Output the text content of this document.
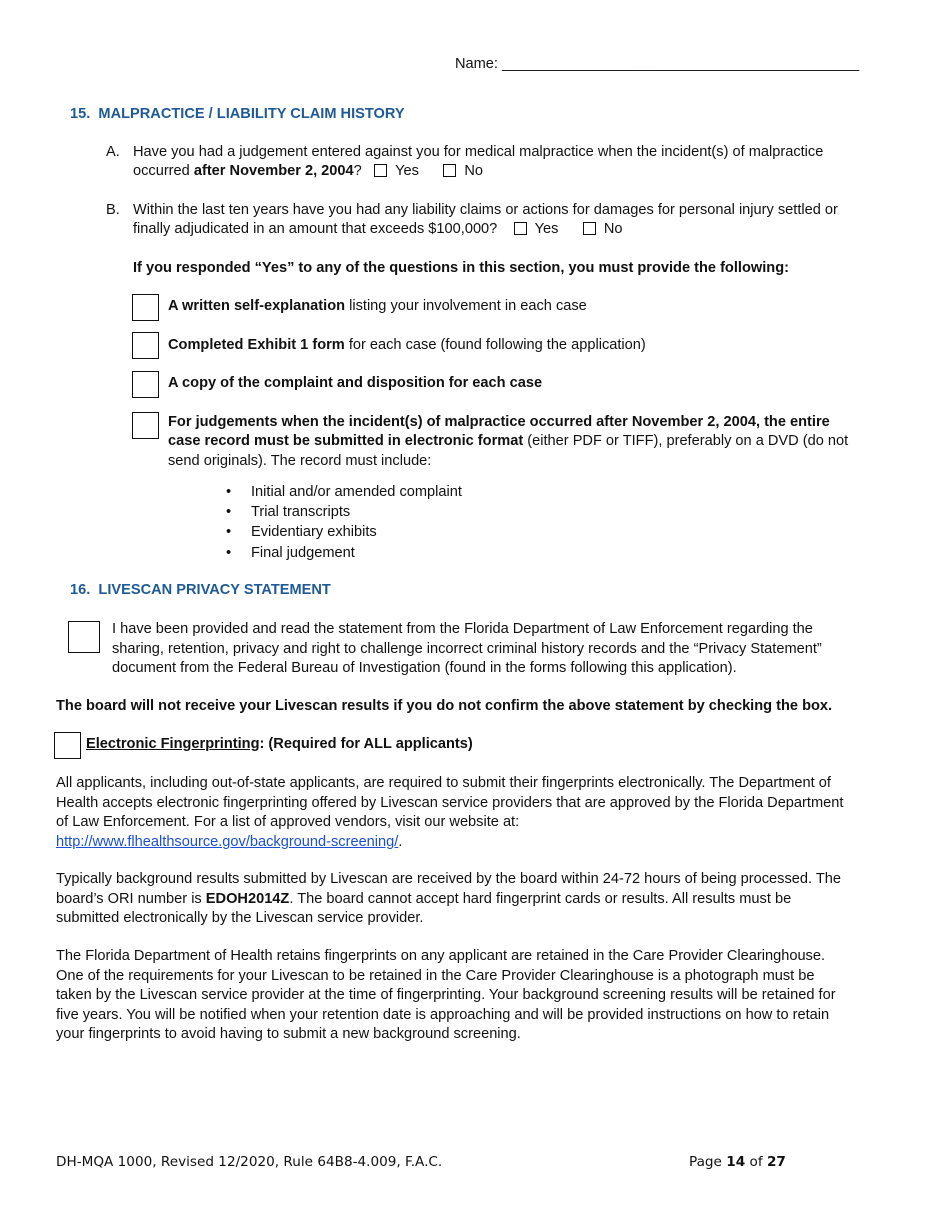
Name: ____________________________________________
15. MALPRACTICE / LIABILITY CLAIM HISTORY
A. Have you had a judgement entered against you for medical malpractice when the incident(s) of malpractice
occurred after November 2, 2004? Yes	No
B. Within the last ten years have you had any liability claims or actions for damages for personal injury settled or
finally adjudicated in an amount that exceeds $100,000?	Yes	No
If you responded “Yes” to any of the questions in this section, you must provide the following:
A written self-explanation listing your involvement in each case
Completed Exhibit 1 form for each case (found following the application)
A copy of the complaint and disposition for each case
For judgements when the incident(s) of malpractice occurred after November 2, 2004, the entire
case record must be submitted in electronic format (either PDF or TIFF), preferably on a DVD (do not
send originals). The record must include:
• Initial and/or amended complaint
• Trial transcripts
• Evidentiary exhibits
• Final judgement
16. LIVESCAN PRIVACY STATEMENT
I have been provided and read the statement from the Florida Department of Law Enforcement regarding the
sharing, retention, privacy and right to challenge incorrect criminal history records and the “Privacy Statement”
document from the Federal Bureau of Investigation (found in the forms following this application).
The board will not receive your Livescan results if you do not confirm the above statement by checking the box.
Electronic Fingerprinting: (Required for ALL applicants)
All applicants, including out-of-state applicants, are required to submit their fingerprints electronically. The Department of
Health accepts electronic fingerprinting offered by Livescan service providers that are approved by the Florida Department
of Law Enforcement. For a list of approved vendors, visit our website at:
http://www.flhealthsource.gov/background-screening/.
Typically background results submitted by Livescan are received by the board within 24-72 hours of being processed. The
board’s ORI number is EDOH2014Z. The board cannot accept hard fingerprint cards or results. All results must be
submitted electronically by the Livescan service provider.
The Florida Department of Health retains fingerprints on any applicant are retained in the Care Provider Clearinghouse.
One of the requirements for your Livescan to be retained in the Care Provider Clearinghouse is a photograph must be
taken by the Livescan service provider at the time of fingerprinting. Your background screening results will be retained for
five years. You will be notified when your retention date is approaching and will be provided instructions on how to retain
your fingerprints to avoid having to submit a new background screening.
DH-MQA 1000, Revised 12/2020, Rule 64B8-4.009, F.A.C.	Page 14 of 27
